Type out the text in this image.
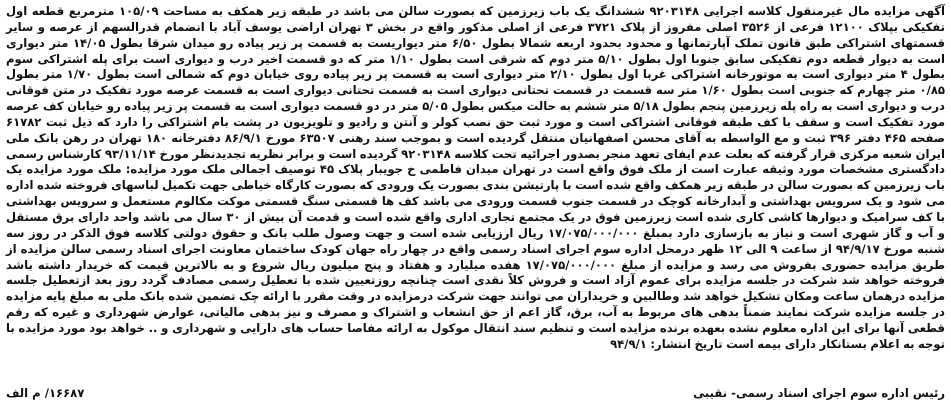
آگهی مزایده مال غیرمنقول کلاسه اجرایی ۹۲۰۳۱۴۸ ششدانگ یک باب زیرزمین که بصورت سالن می باشد در طبقه زیر همکف به مساحت ۱۰۵/۰۹ مترمربع قطعه اول تفکیکی بپلاک ۱۲۱۰۰ فرعی از ۳۵۲۶ اصلی مفروز از پلاک ۳۷۲۱ فرعی از اصلی مذکور واقع در بخش ۳ تهران اراضی یوسف آباد با انضمام قدرالسهم از عرصه و سایر قسمتهای اشتراکی طبق قانون تملک آپارتمانها و محدود بحدود اربعه شمالا بطول ۶/۵۰ متر دیواریست به قسمت پر زیر پیاده رو میدان شرقا بطول ۱۴/۰۵ متر دیواری است به دیوار قطعه دوم تفکیکی سابق جنوبا اول بطول ۵/۱۰ متر دوم که شرقی است بطول ۱/۱۰ متر که دو قسمت اخیر درب و دیواری است برای پله اشتراکی سوم بطول ۴ متر دیواری است به موتورخانه اشتراکی غربا اول بطول ۲/۱۰ متر دیواری است به قسمت پر زیر پیاده روی خیابان دوم که شمالی است بطول ۱/۷۰ متر بطول ۰/۸۵ متر چهارم که جنوبی است بطول ۱/۶۰ متر سه قسمت در قسمت تحتانی دیواری است به قسمت تحتانی دیواری است به قسمت عرصه مورد تفکیک در متن فوقانی درب و دیواری است به راه پله زیرزمین پنجم بطول ۵/۱۸ متر ششم به حالت میکس بطول ۵/۰۵ متر در دو قسمت دیواری است به قسمت پر زیر پیاده رو خیابان کف عرصه مورد تفکیک است و سقف با کف طبقه فوقانی اشتراکی است و مورد ثبت حق نصب کولر و آنتن و رادیو و تلویزیون در پشت بام اشتراکی را دارد که ذیل ثبت ۶۱۷۸۲ صفحه ۴۶۵ دفتر ۳۹۶ ثبت و مع الواسطه به آقای محسن اصفهانیان منتقل گردیده است و بموجب سند رهنی ۶۳۵۰۷ مورخ ۸۶/۹/۱ دفترخانه ۱۸۰ تهران در رهن بانک ملی ایران شعبه مرکزی قرار گرفته که بعلت عدم ایفای تعهد منجر بصدور اجرائیه تحت کلاسه ۹۲۰۳۱۴۸ گردیده است و برابر نظریه تجدیدنظر مورخ ۹۳/۱۱/۱۴ کارشناس رسمی دادگستری مشخصات مورد وثیقه عبارت است از ملک فوق واقع است در تهران میدان فاطمی خ جویبار پلاک ۴۵ توصیف اجمالی ملک مورد مزایده: ملک مورد مزایده یک باب زیرزمین که بصورت سالن در طبقه زیر همکف واقع شده است با پارتیشن بندی بصورت یک ورودی که بصورت کارگاه خیاطی جهت تکمیل لباسهای فروخته شده اداره می شود و یک سرویس بهداشتی و آبدارخانه کوچک در قسمت جنوب قسمت ورودی می باشد کف ها قسمتی سنگ قسمتی موکت مکالوم مستعمل و سرویس بهداشتی با کف سرامیک و دیوارها کاشی کاری شده است زیرزمین فوق در یک مجتمع تجاری اداری واقع شده است و قدمت آن بیش از ۳۰ سال می باشد واحد دارای برق مستقل و آب و گاز شهری است و نیاز به بازسازی دارد بمبلغ ۱۷/۰۷۵/۰۰۰/۰۰۰ ریال ارزیابی شده است و جهت وصول طلب بانک و حقوق دولتی کلاسه فوق الذکر در روز سه شنبه مورخ ۹۴/۹/۱۷ از ساعت ۹ الی ۱۲ ظهر درمحل اداره سوم اجرای اسناد رسمی واقع در چهار راه جهان کودک ساختمان معاونت اجرای اسناد رسمی سالن مزایده از طریق مزایده حضوری بفروش می رسد و مزایده از مبلغ ۱۷/۰۷۵/۰۰۰/۰۰۰ هفده میلیارد و هفتاد و پنج میلیون ریال شروع و به بالاترین قیمت که خریدار داشته باشد فروخته خواهد شد شرکت در جلسه مزایده برای عموم آزاد است و فروش کلاً نقدی است چنانچه روزتعیین شده با تعطیل رسمی مصادف گردد روز بعد ازتعطیل جلسه مزایده درهمان ساعت ومکان تشکیل خواهد شد وطالبین و خریداران می توانند جهت شرکت درمزایده در وقت مقرر با ارائه چک تضمین شده بانک ملی به مبلغ پایه مزایده در جلسه مزایده شرکت نمایند ضمناً بدهی های مربوط به آب، برق، گاز اعم از حق انشعاب و اشتراک و مصرف و نیز بدهی مالیاتی، عوارض شهرداری و غیره که رقم قطعی آنها برای این اداره معلوم نشده بعهده برنده مزایده است و تنظیم سند انتقال موکول به ارائه مفاصا حساب های دارایی و شهرداری و .. خواهد بود مورد مزایده با توجه به اعلام بستانکار دارای بیمه است تاریخ انتشار: ۹۴/۹/۱

رئیس اداره سوم اجرای اسناد رسمی- نقیبی
۱۶۶۸۷/ م الف
